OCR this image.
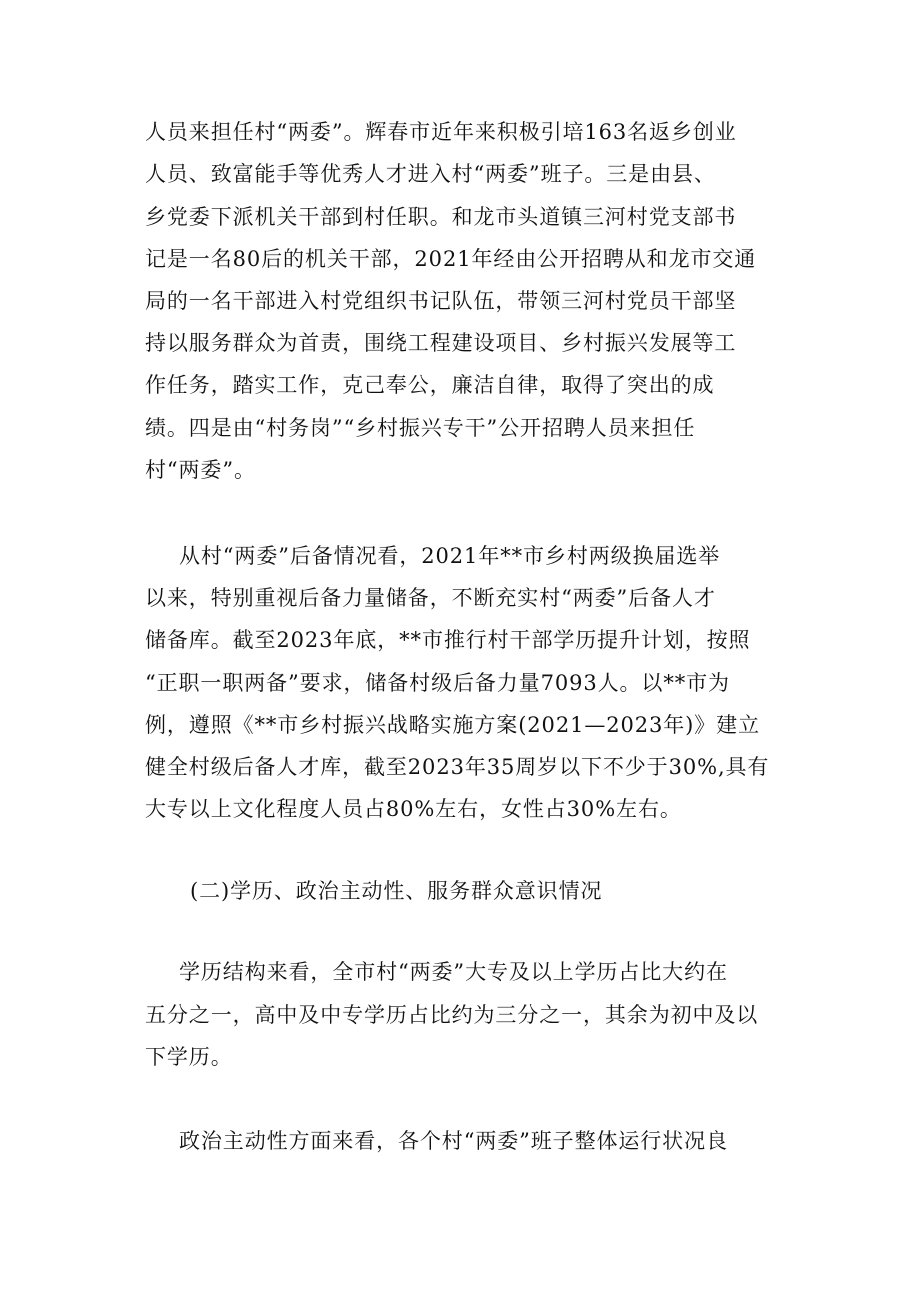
人员来担任村“两委”。辉春市近年来积极引培163名返乡创业
人员、致富能手等优秀人才进入村“两委”班子。三是由县、
乡党委下派机关干部到村任职。和龙市头道镇三河村党支部书
记是一名80后的机关干部，2021年经由公开招聘从和龙市交通
局的一名干部进入村党组织书记队伍，带领三河村党员干部坚
持以服务群众为首责，围绕工程建设项目、乡村振兴发展等工
作任务，踏实工作，克己奉公，廉洁自律，取得了突出的成
绩。四是由“村务岗”“乡村振兴专干”公开招聘人员来担任
村“两委”。
从村“两委”后备情况看，2021年**市乡村两级换届选举
以来，特别重视后备力量储备，不断充实村“两委”后备人才
储备库。截至2023年底，**市推行村干部学历提升计划，按照
“正职一职两备”要求，储备村级后备力量7093人。以**市为
例，遵照《**市乡村振兴战略实施方案(2021—2023年)》建立
健全村级后备人才库，截至2023年35周岁以下不少于30%,具有
大专以上文化程度人员占80%左右，女性占30%左右。
(二)学历、政治主动性、服务群众意识情况
学历结构来看，全市村“两委”大专及以上学历占比大约在
五分之一，高中及中专学历占比约为三分之一，其余为初中及以
下学历。
政治主动性方面来看，各个村“两委”班子整体运行状况良
